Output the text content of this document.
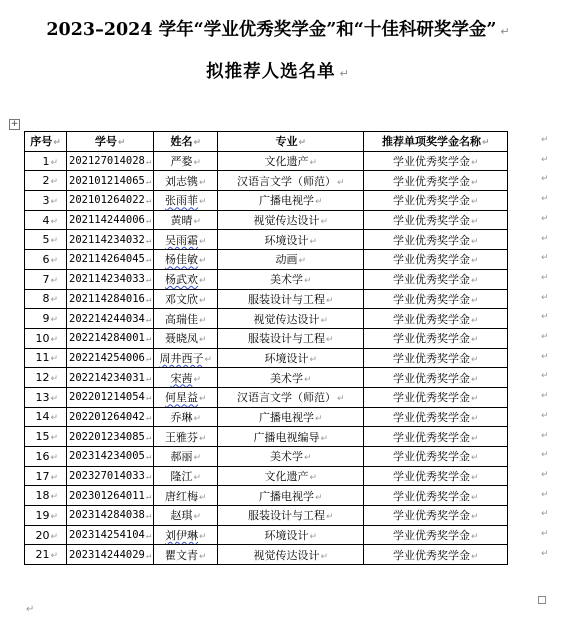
2023–2024 学年“学业优秀奖学金”和“十佳科研奖学金” ↵
拟推荐人选名单 ↵
+
序号↵	学号↵	姓名↵	专业↵	推荐单项奖学金名称↵
1↵	202127014028↵	严婺↵	文化遗产↵	学业优秀奖学金↵
2↵	202101214065↵	刘志镌↵	汉语言文学（师范）↵	学业优秀奖学金↵
3↵	202101264022↵	张雨菲↵	广播电视学↵	学业优秀奖学金↵
4↵	202114244006↵	黄晴↵	视觉传达设计↵	学业优秀奖学金↵
5↵	202114234032↵	吴雨霜↵	环境设计↵	学业优秀奖学金↵
6↵	202114264045↵	杨佳敏↵	动画↵	学业优秀奖学金↵
7↵	202114234033↵	杨武欢↵	美术学↵	学业优秀奖学金↵
8↵	202114284016↵	邓文欣↵	服装设计与工程↵	学业优秀奖学金↵
9↵	202214244034↵	高瑞佳↵	视觉传达设计↵	学业优秀奖学金↵
10↵	202214284001↵	聂晓凤↵	服装设计与工程↵	学业优秀奖学金↵
11↵	202214254006↵	周井西子↵	环境设计↵	学业优秀奖学金↵
12↵	202214234031↵	宋茜↵	美术学↵	学业优秀奖学金↵
13↵	202201214054↵	何星益↵	汉语言文学（师范）↵	学业优秀奖学金↵
14↵	202201264042↵	乔琳↵	广播电视学↵	学业优秀奖学金↵
15↵	202201234085↵	王雅芬↵	广播电视编导↵	学业优秀奖学金↵
16↵	202314234005↵	郝丽↵	美术学↵	学业优秀奖学金↵
17↵	202327014033↵	隆江↵	文化遗产↵	学业优秀奖学金↵
18↵	202301264011↵	唐红梅↵	广播电视学↵	学业优秀奖学金↵
19↵	202314284038↵	赵琪↵	服装设计与工程↵	学业优秀奖学金↵
20↵	202314254104↵	刘伊琳↵	环境设计↵	学业优秀奖学金↵
21↵	202314244029↵	瞿文青↵	视觉传达设计↵	学业优秀奖学金↵
↵
↵
↵
↵
↵
↵
↵
↵
↵
↵
↵
↵
↵
↵
↵
↵
↵
↵
↵
↵
↵
↵
↵
